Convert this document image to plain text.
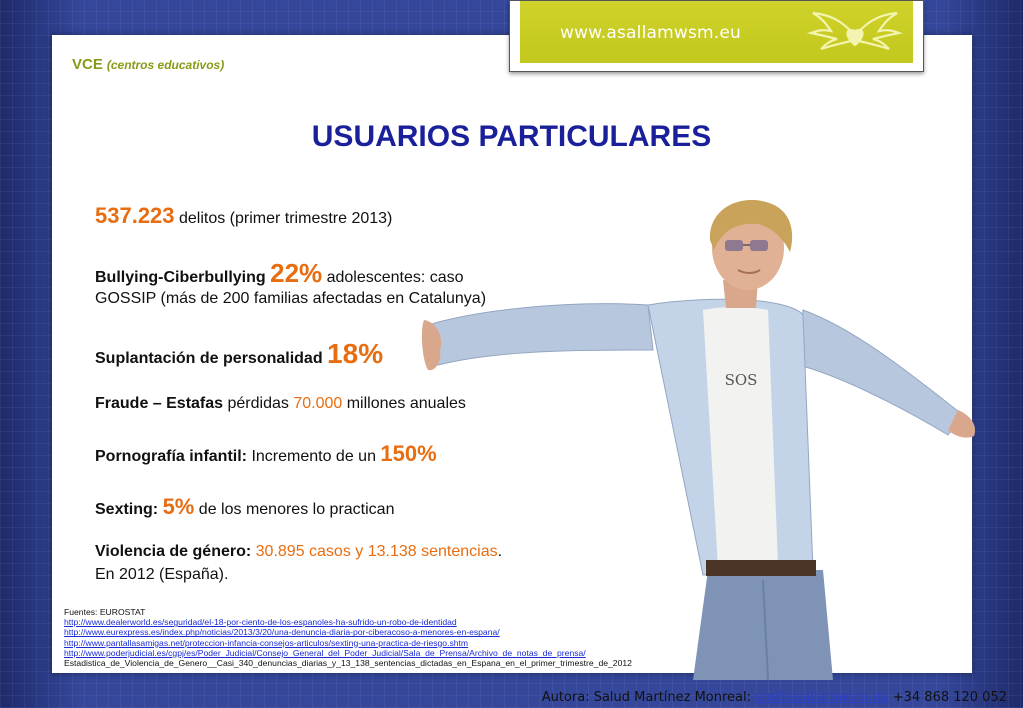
www.asallamwsm.eu
VCE (centros educativos)
USUARIOS PARTICULARES
SOS
537.223 delitos (primer trimestre 2013)
Bullying-Ciberbullying 22% adolescentes: caso
GOSSIP (más de 200 familias afectadas en Catalunya)
Suplantación de personalidad 18%
Fraude – Estafas pérdidas 70.000 millones anuales
Pornografía infantil: Incremento de un 150%
Sexting: 5% de los menores lo practican
Violencia de género: 30.895 casos y 13.138 sentencias.
En 2012 (España).
Fuentes: EUROSTAT
http://www.dealerworld.es/seguridad/el-18-por-ciento-de-los-espanoles-ha-sufrido-un-robo-de-identidad
http://www.eurexpress.es/index.php/noticias/2013/3/20/una-denuncia-diaria-por-ciberacoso-a-menores-en-espana/
http://www.pantallasamigas.net/proteccion-infancia-consejos-articulos/sexting-una-practica-de-riesgo.shtm
http://www.poderjudicial.es/cgpj/es/Poder_Judicial/Consejo_General_del_Poder_Judicial/Sala_de_Prensa/Archivo_de_notas_de_prensa/
Estadistica_de_Violencia_de_Genero__Casi_340_denuncias_diarias_y_13_138_sentencias_dictadas_en_Espana_en_el_primer_trimestre_de_2012
Autora: Salud Martínez Monreal: sm@asallamwsm.eu +34 868 120 052
